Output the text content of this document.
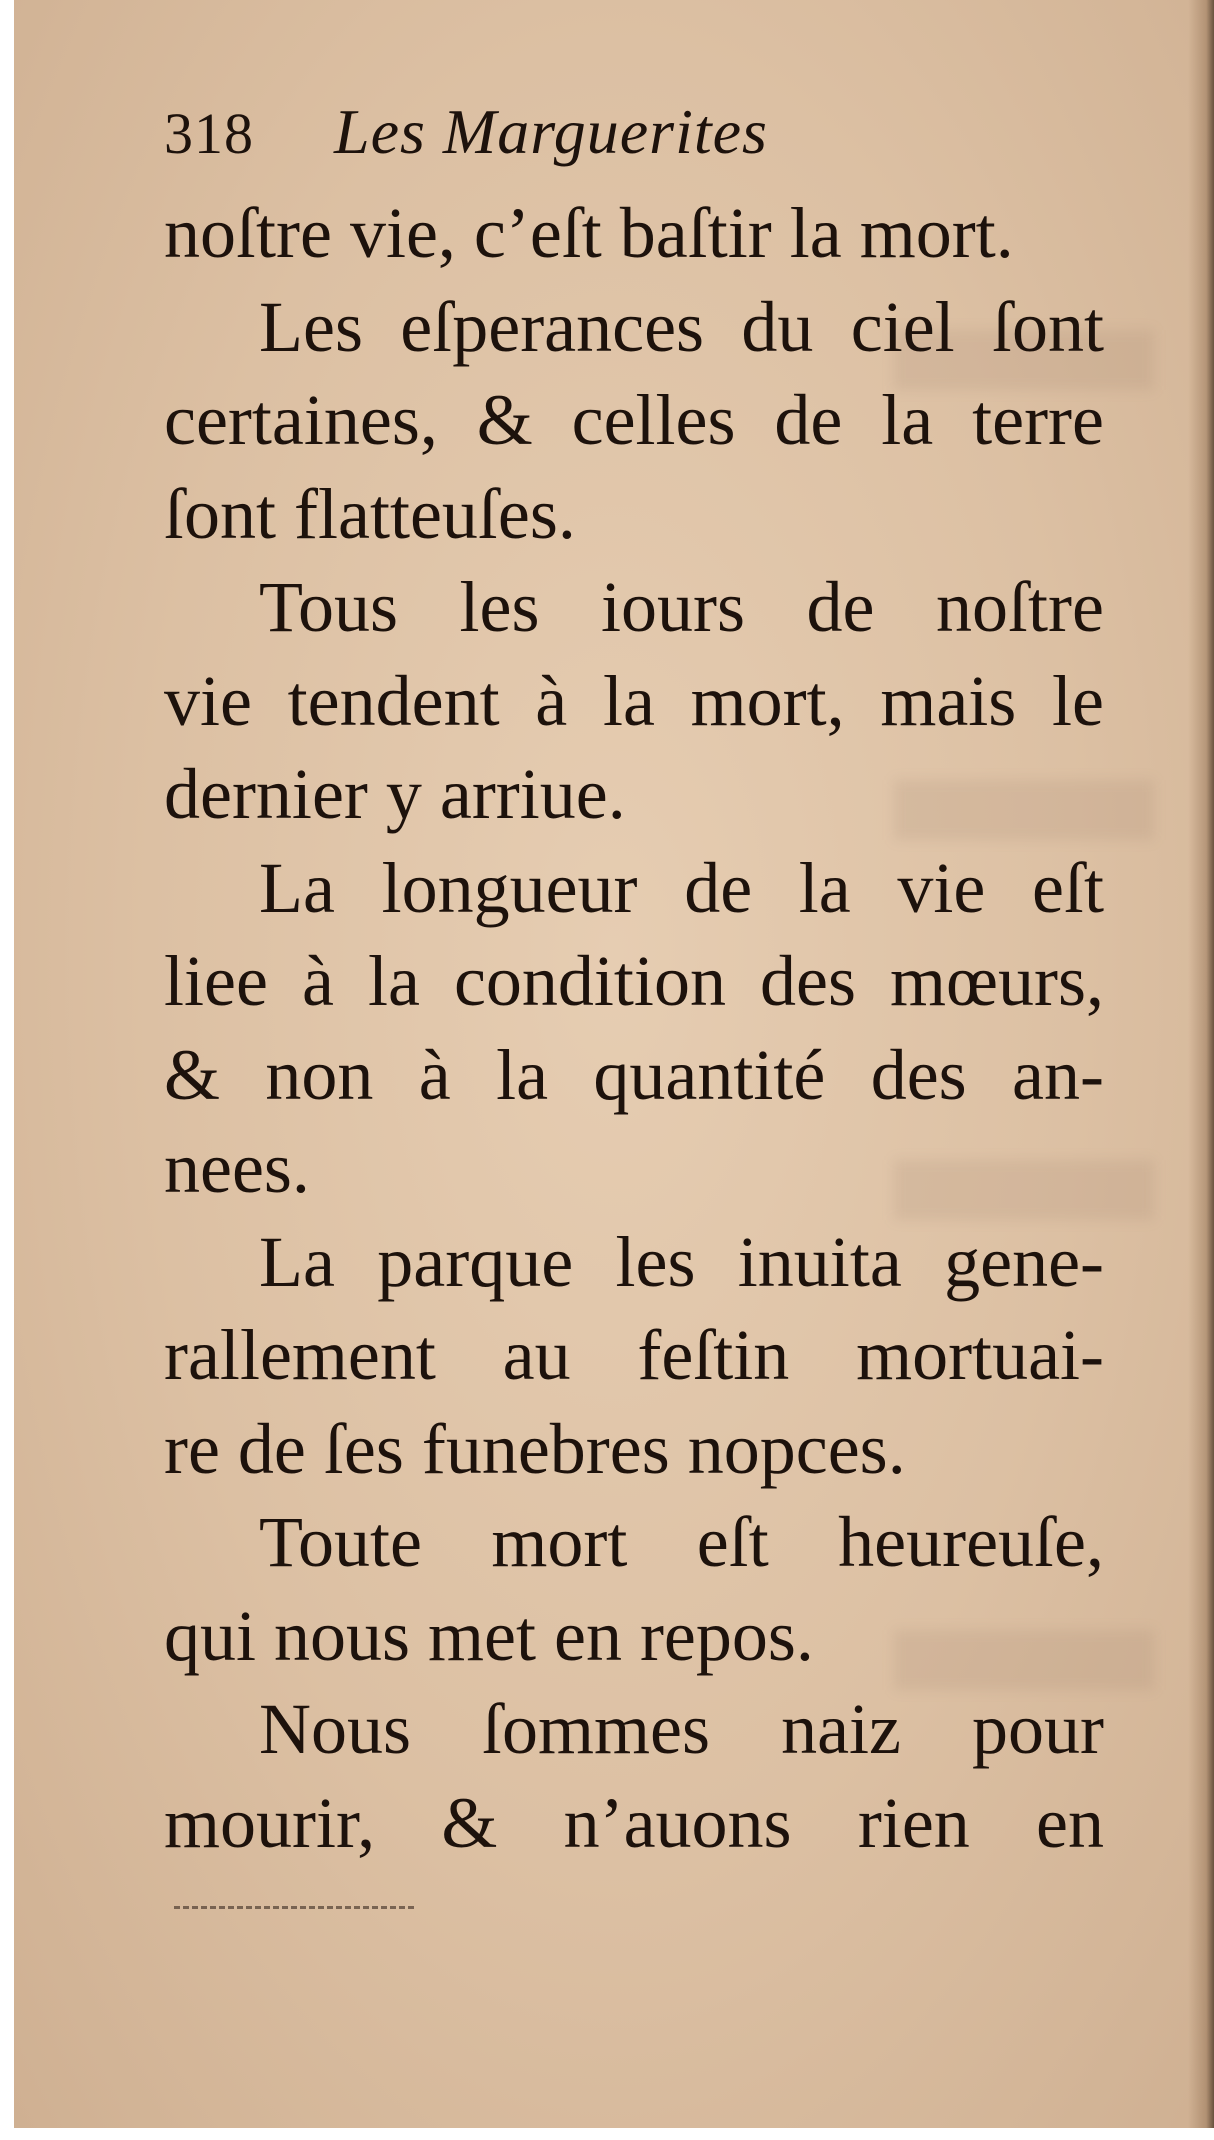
318 Les Marguerites
noſtre vie, c’eſt baſtir la mort.
Les eſperances du ciel ſont
certaines, & celles de la terre
ſont flatteuſes.
Tous les iours de noſtre
vie tendent à la mort, mais le
dernier y arriue.
La longueur de la vie eſt
liee à la condition des mœurs,
& non à la quantité des an-
nees.
La parque les inuita gene-
rallement au feſtin mortuai-
re de ſes funebres nopces.
Toute mort eſt heureuſe,
qui nous met en repos.
Nous ſommes naiz pour
mourir, & n’auons rien en
